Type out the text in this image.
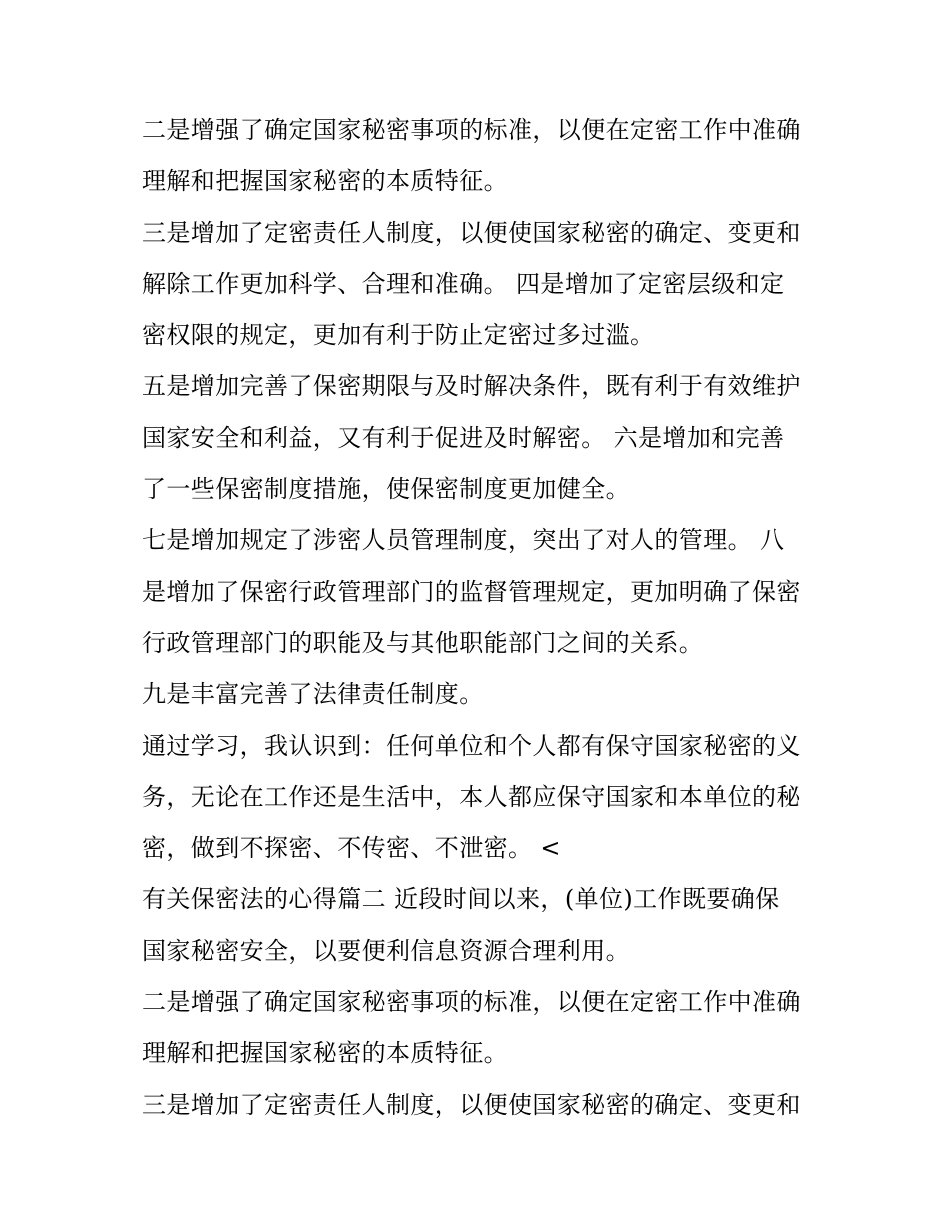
二是增强了确定国家秘密事项的标准，以便在定密工作中准确
理解和把握国家秘密的本质特征。
三是增加了定密责任人制度，以便使国家秘密的确定、变更和
解除工作更加科学、合理和准确。 四是增加了定密层级和定
密权限的规定，更加有利于防止定密过多过滥。
五是增加完善了保密期限与及时解决条件，既有利于有效维护
国家安全和利益，又有利于促进及时解密。 六是增加和完善
了一些保密制度措施，使保密制度更加健全。
七是增加规定了涉密人员管理制度，突出了对人的管理。 八
是增加了保密行政管理部门的监督管理规定，更加明确了保密
行政管理部门的职能及与其他职能部门之间的关系。
九是丰富完善了法律责任制度。
通过学习，我认识到：任何单位和个人都有保守国家秘密的义
务，无论在工作还是生活中，本人都应保守国家和本单位的秘
密，做到不探密、不传密、不泄密。 <
有关保密法的心得篇二 近段时间以来，(单位)工作既要确保
国家秘密安全，以要便利信息资源合理利用。
二是增强了确定国家秘密事项的标准，以便在定密工作中准确
理解和把握国家秘密的本质特征。
三是增加了定密责任人制度，以便使国家秘密的确定、变更和
